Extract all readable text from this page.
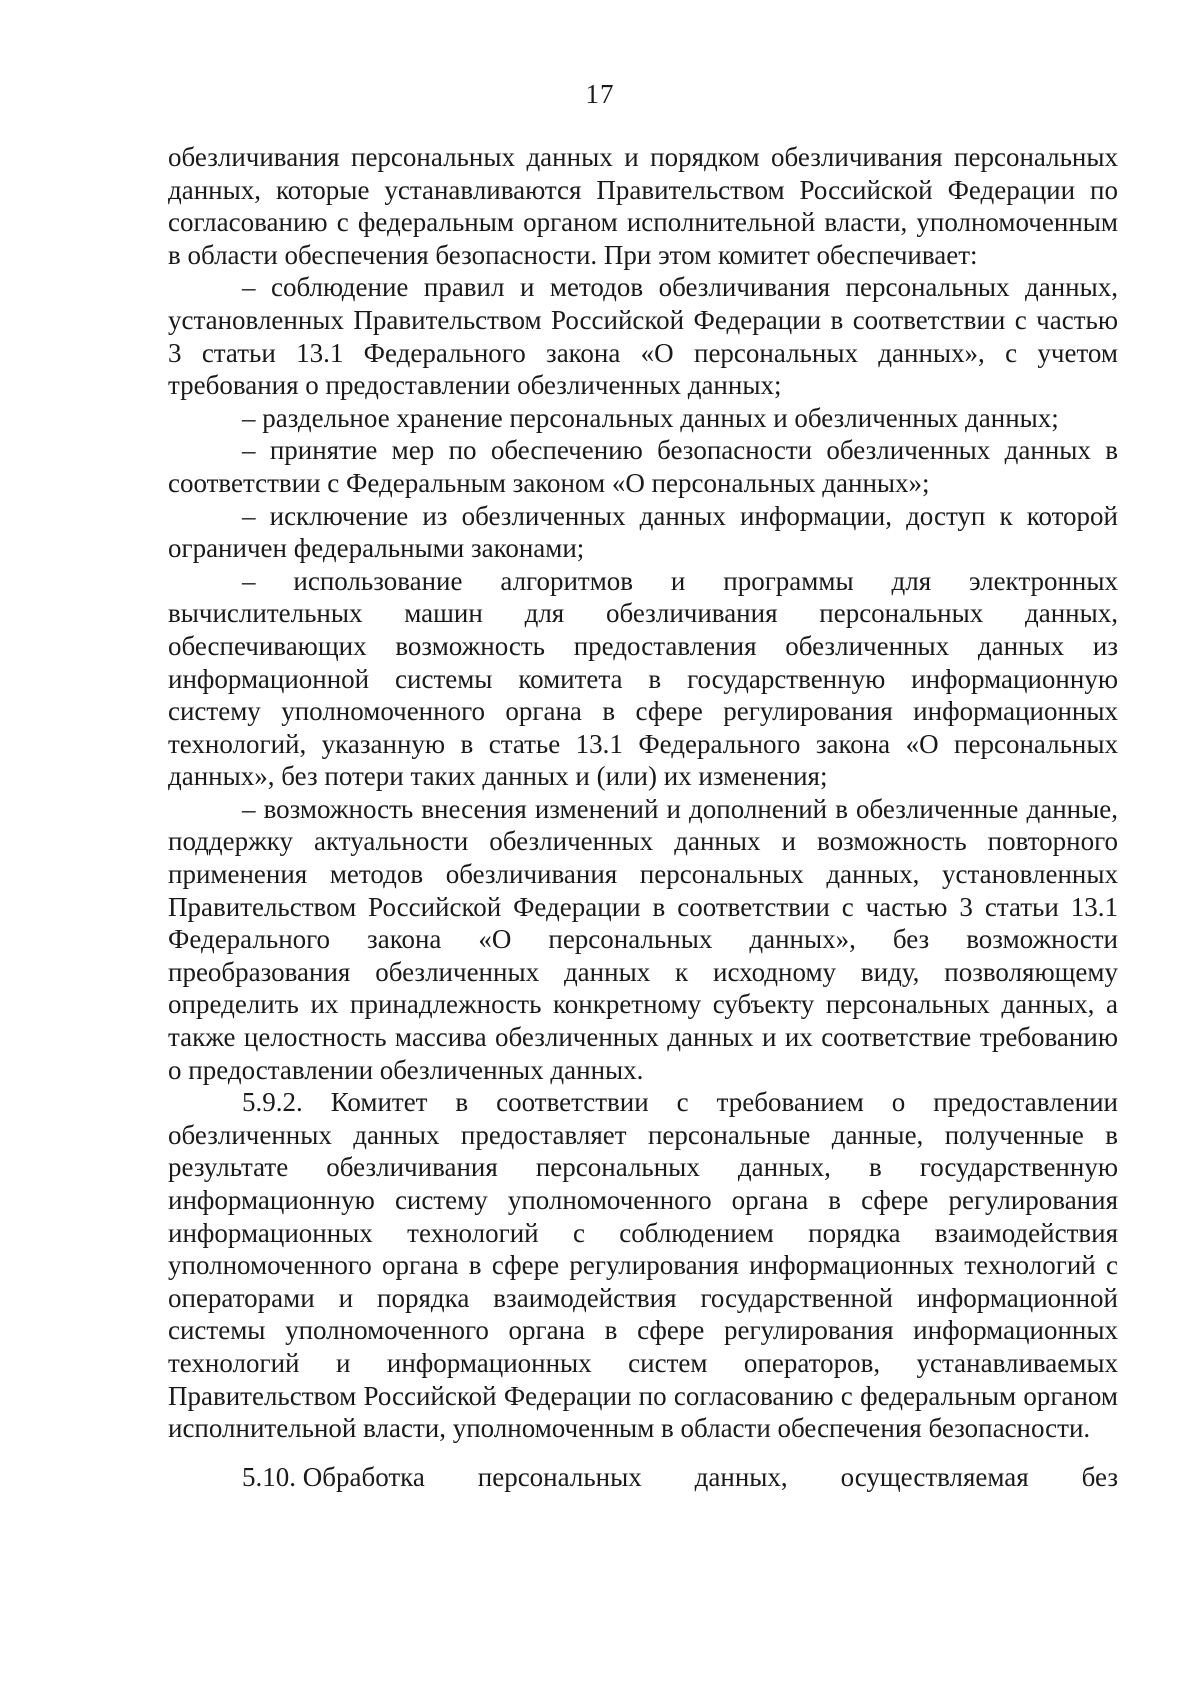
17

обезличивания персональных данных и порядком обезличивания персональных данных, которые устанавливаются Правительством Российской Федерации по согласованию с федеральным органом исполнительной власти, уполномоченным в области обеспечения безопасности. При этом комитет обеспечивает:

– соблюдение правил и методов обезличивания персональных данных, установленных Правительством Российской Федерации в соответствии с частью 3 статьи 13.1 Федерального закона «О персональных данных», с учетом требования о предоставлении обезличенных данных;

– раздельное хранение персональных данных и обезличенных данных;

– принятие мер по обеспечению безопасности обезличенных данных в соответствии с Федеральным законом «О персональных данных»;

– исключение из обезличенных данных информации, доступ к которой ограничен федеральными законами;

– использование алгоритмов и программы для электронных вычислительных машин для обезличивания персональных данных, обеспечивающих возможность предоставления обезличенных данных из информационной системы комитета в государственную информационную систему уполномоченного органа в сфере регулирования информационных технологий, указанную в статье 13.1 Федерального закона «О персональных данных», без потери таких данных и (или) их изменения;

– возможность внесения изменений и дополнений в обезличенные данные, поддержку актуальности обезличенных данных и возможность повторного применения методов обезличивания персональных данных, установленных Правительством Российской Федерации в соответствии с частью 3 статьи 13.1 Федерального закона «О персональных данных», без возможности преобразования обезличенных данных к исходному виду, позволяющему определить их принадлежность конкретному субъекту персональных данных, а также целостность массива обезличенных данных и их соответствие требованию о предоставлении обезличенных данных.

5.9.2. Комитет в соответствии с требованием о предоставлении обезличенных данных предоставляет персональные данные, полученные в результате обезличивания персональных данных, в государственную информационную систему уполномоченного органа в сфере регулирования информационных технологий с соблюдением порядка взаимодействия уполномоченного органа в сфере регулирования информационных технологий с операторами и порядка взаимодействия государственной информационной системы уполномоченного органа в сфере регулирования информационных технологий и информационных систем операторов, устанавливаемых Правительством Российской Федерации по согласованию с федеральным органом исполнительной власти, уполномоченным в области обеспечения безопасности.

5.10. Обработка персональных данных, осуществляемая без
